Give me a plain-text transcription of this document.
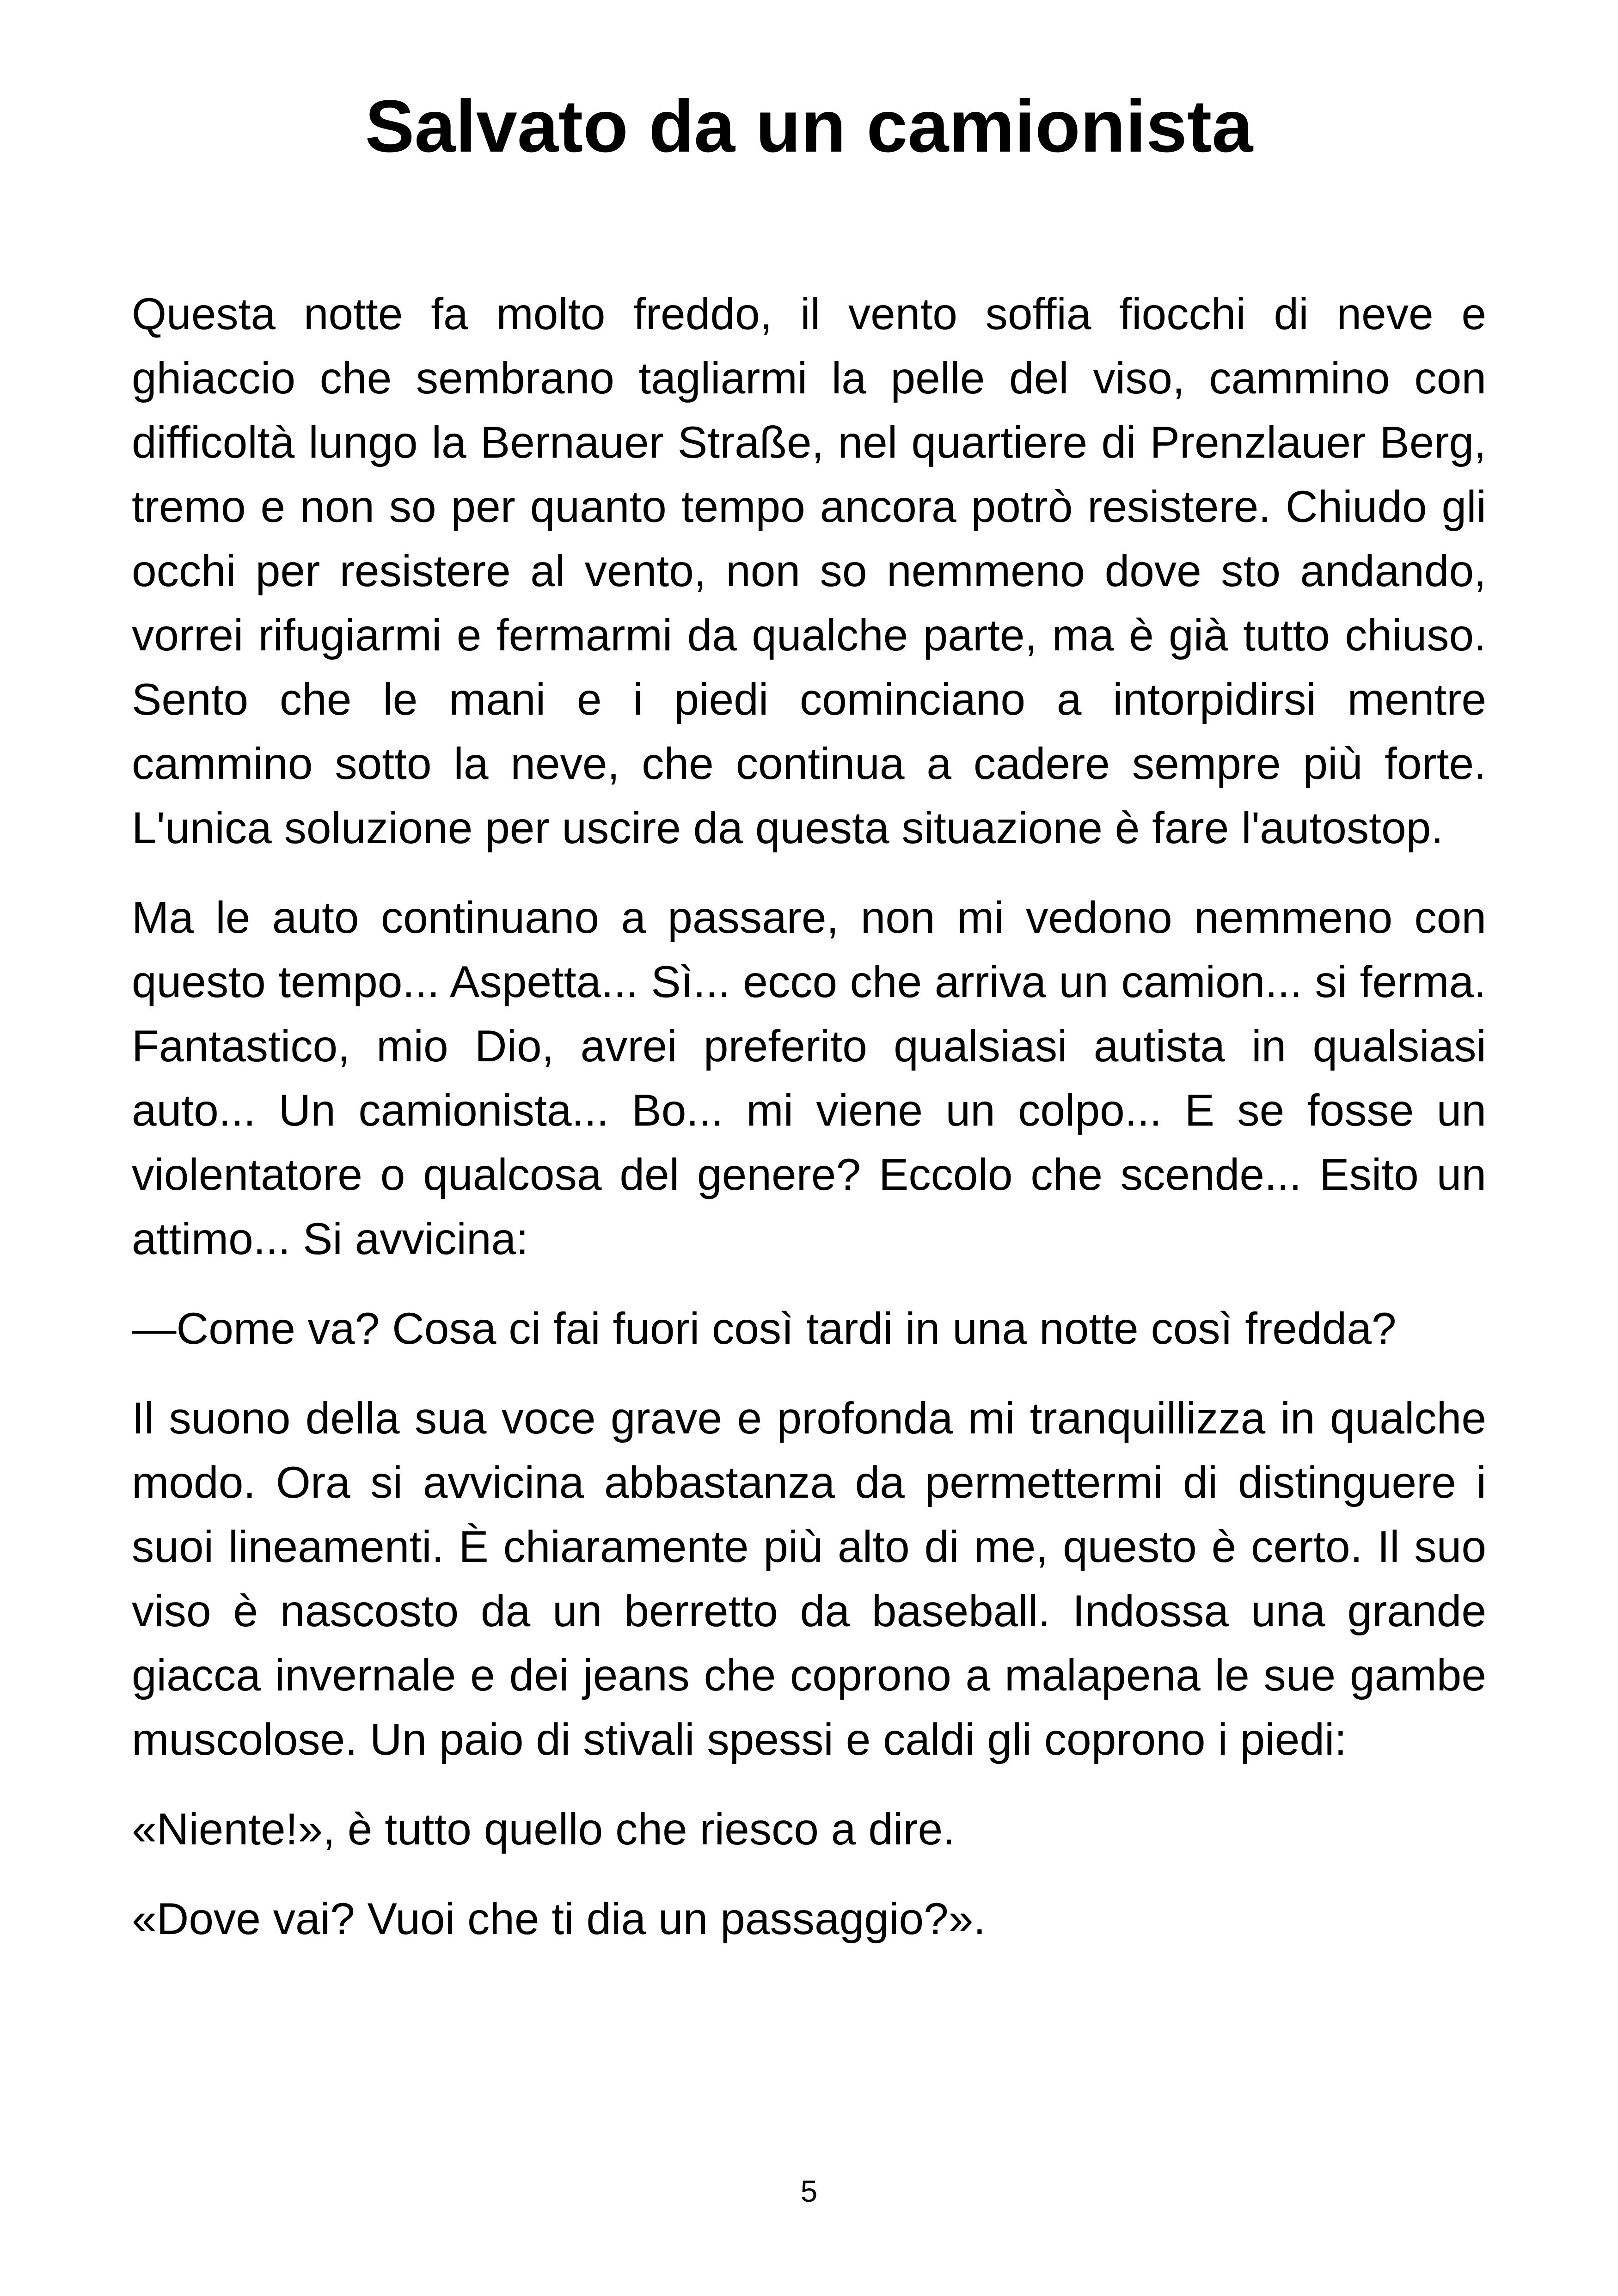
Salvato da un camionista

Questa notte fa molto freddo, il vento soffia fiocchi di neve e ghiaccio che sembrano tagliarmi la pelle del viso, cammino con difficoltà lungo la Bernauer Straße, nel quartiere di Prenzlauer Berg, tremo e non so per quanto tempo ancora potrò resistere. Chiudo gli occhi per resistere al vento, non so nemmeno dove sto andando, vorrei rifugiarmi e fermarmi da qualche parte, ma è già tutto chiuso. Sento che le mani e i piedi cominciano a intorpidirsi mentre cammino sotto la neve, che continua a cadere sempre più forte. L'unica soluzione per uscire da questa situazione è fare l'autostop.

Ma le auto continuano a passare, non mi vedono nemmeno con questo tempo... Aspetta... Sì... ecco che arriva un camion... si ferma. Fantastico, mio Dio, avrei preferito qualsiasi autista in qualsiasi auto... Un camionista... Bo... mi viene un colpo... E se fosse un violentatore o qualcosa del genere? Eccolo che scende... Esito un attimo... Si avvicina:

—Come va? Cosa ci fai fuori così tardi in una notte così fredda?

Il suono della sua voce grave e profonda mi tranquillizza in qualche modo. Ora si avvicina abbastanza da permettermi di distinguere i suoi lineamenti. È chiaramente più alto di me, questo è certo. Il suo viso è nascosto da un berretto da baseball. Indossa una grande giacca invernale e dei jeans che coprono a malapena le sue gambe muscolose. Un paio di stivali spessi e caldi gli coprono i piedi:

«Niente!», è tutto quello che riesco a dire.

«Dove vai? Vuoi che ti dia un passaggio?».

5
